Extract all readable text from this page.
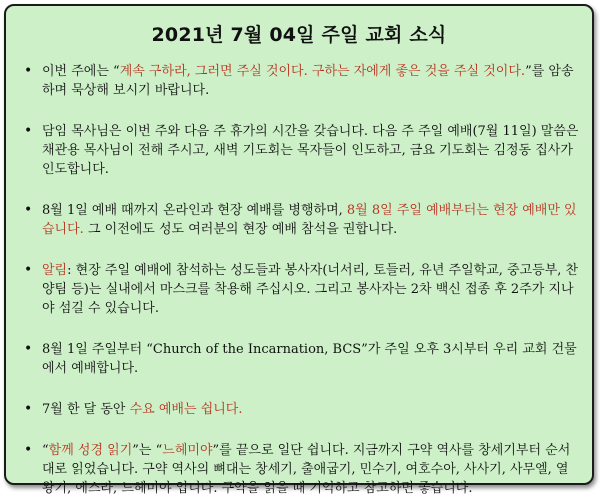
2021년 7월 04일 주일 교회 소식
• 이번 주에는 “계속 구하라, 그러면 주실 것이다. 구하는 자에게 좋은 것을 주실 것이다.”를 암송하며 묵상해 보시기 바랍니다.
• 담임 목사님은 이번 주와 다음 주 휴가의 시간을 갖습니다. 다음 주 주일 예배(7월 11일) 말씀은 채관용 목사님이 전해 주시고, 새벽 기도회는 목자들이 인도하고, 금요 기도회는 김정동 집사가 인도합니다.
• 8월 1일 예배 때까지 온라인과 현장 예배를 병행하며, 8월 8일 주일 예배부터는 현장 예배만 있습니다. 그 이전에도 성도 여러분의 현장 예배 참석을 권합니다.
• 알림: 현장 주일 예배에 참석하는 성도들과 봉사자(너서리, 토들러, 유년 주일학교, 중고등부, 찬양팀 등)는 실내에서 마스크를 착용해 주십시오. 그리고 봉사자는 2차 백신 접종 후 2주가 지나야 섬길 수 있습니다.
• 8월 1일 주일부터 “Church of the Incarnation, BCS”가 주일 오후 3시부터 우리 교회 건물에서 예배합니다.
• 7월 한 달 동안 수요 예배는 쉽니다.
• “함께 성경 읽기”는 “느헤미야”를 끝으로 일단 쉽니다. 지금까지 구약 역사를 창세기부터 순서대로 읽었습니다. 구약 역사의 뼈대는 창세기, 출애굽기, 민수기, 여호수아, 사사기, 사무엘, 열왕기, 에스라, 느헤미야 입니다. 구약을 읽을 때 기억하고 참고하면 좋습니다.
